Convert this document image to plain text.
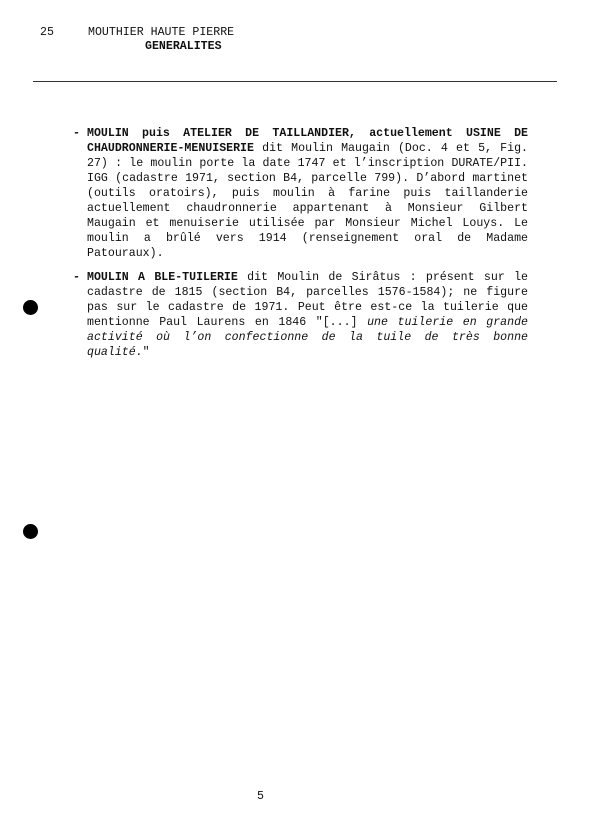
25	MOUTHIER HAUTE PIERRE
GENERALITES
- MOULIN puis ATELIER DE TAILLANDIER, actuellement USINE DE CHAUDRONNERIE-MENUISERIE dit Moulin Maugain (Doc. 4 et 5, Fig. 27) : le moulin porte la date 1747 et l’inscription DURATE/PII. IGG (cadastre 1971, section B4, parcelle 799). D’abord martinet (outils oratoirs), puis moulin à farine puis taillanderie actuellement chaudronnerie appartenant à Monsieur Gilbert Maugain et menuiserie utilisée par Monsieur Michel Louys. Le moulin a brûlé vers 1914 (renseignement oral de Madame Patouraux).
- MOULIN A BLE-TUILERIE dit Moulin de Sirâtus : présent sur le cadastre de 1815 (section B4, parcelles 1576-1584); ne figure pas sur le cadastre de 1971. Peut être est-ce la tuilerie que mentionne Paul Laurens en 1846 "[...] une tuilerie en grande activité où l’on confectionne de la tuile de très bonne qualité."
5
